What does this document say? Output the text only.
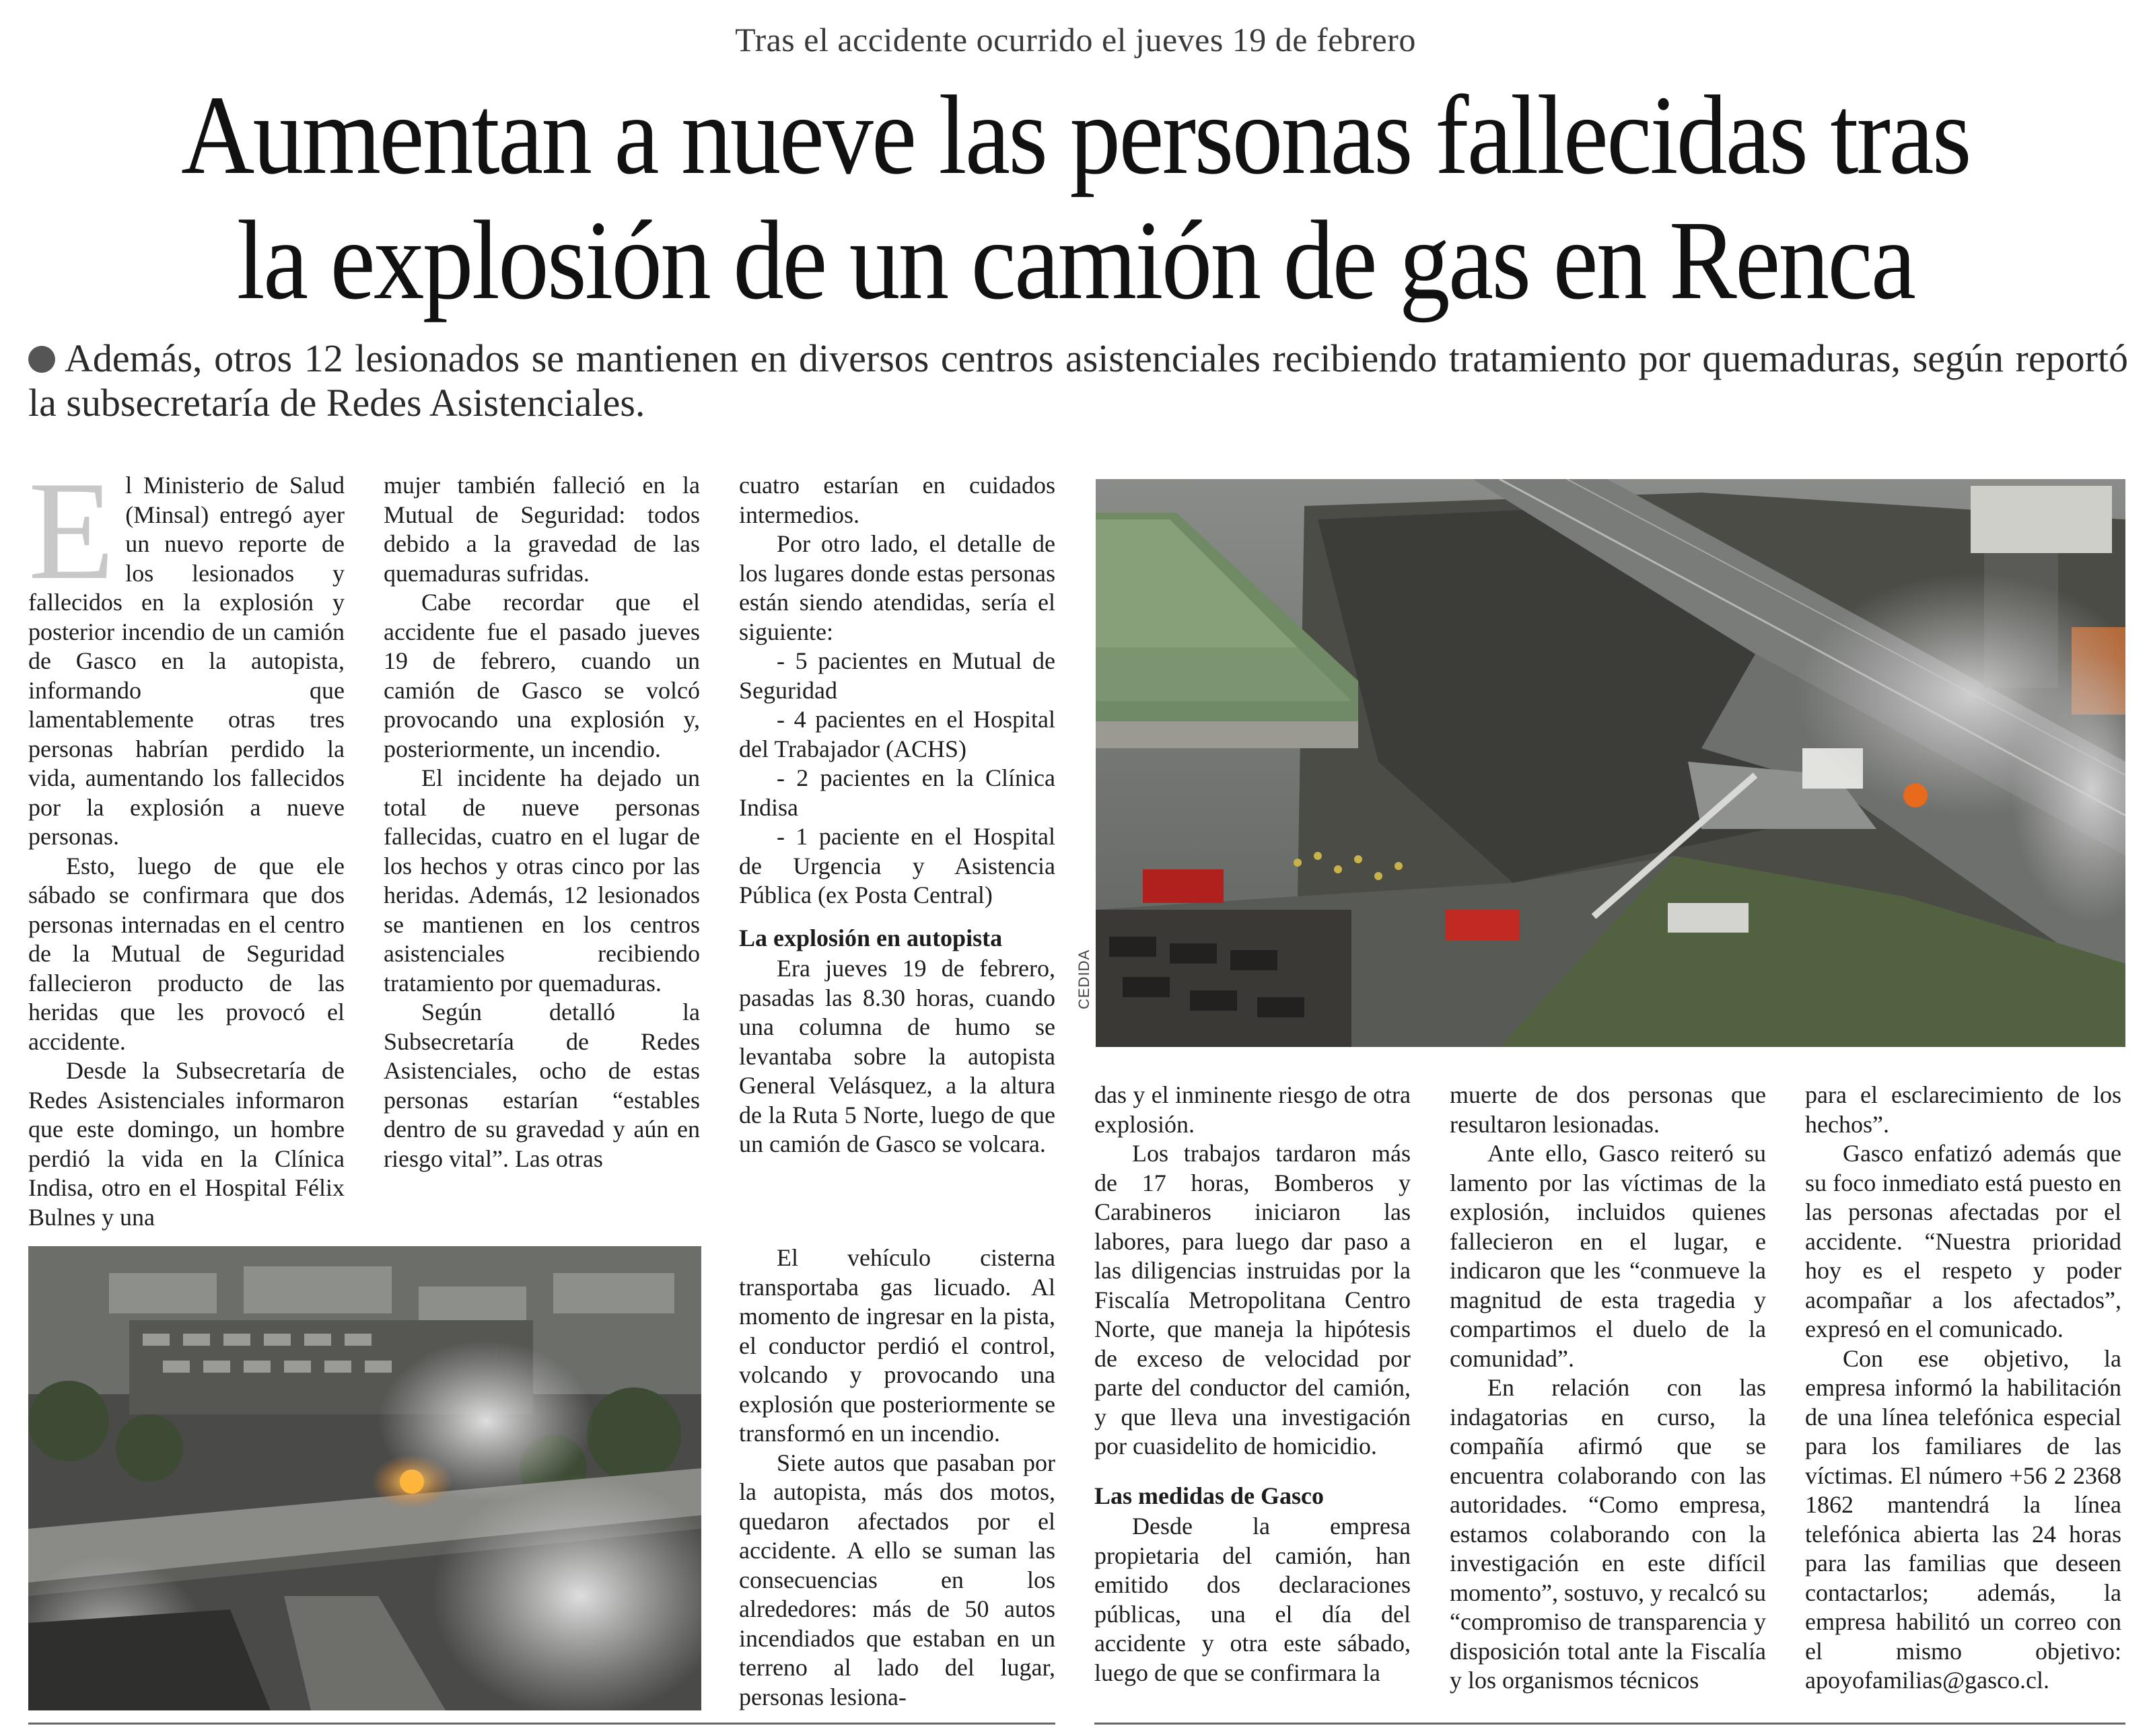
Tras el accidente ocurrido el jueves 19 de febrero
Aumentan a nueve las personas fallecidas tras
la explosión de un camión de gas en Renca
Además, otros 12 lesionados se mantienen en diversos centros asistenciales recibiendo tratamiento por quemaduras, según reportó la subsecretaría de Redes Asistenciales.

El Ministerio de Salud (Minsal) entregó ayer un nuevo reporte de los lesionados y fallecidos en la explosión y posterior incendio de un camión de Gasco en la autopista, informando que lamentablemente otras tres personas habrían perdido la vida, aumentando los fallecidos por la explosión a nueve personas.

Esto, luego de que ele sábado se confirmara que dos personas internadas en el centro de la Mutual de Seguridad fallecieron producto de las heridas que les provocó el accidente.

Desde la Subsecretaría de Redes Asistenciales informaron que este domingo, un hombre perdió la vida en la Clínica Indisa, otro en el Hospital Félix Bulnes y una

mujer también falleció en la Mutual de Seguridad: todos debido a la gravedad de las quemaduras sufridas.

Cabe recordar que el accidente fue el pasado jueves 19 de febrero, cuando un camión de Gasco se volcó provocando una explosión y, posteriormente, un incendio.

El incidente ha dejado un total de nueve personas fallecidas, cuatro en el lugar de los hechos y otras cinco por las heridas. Además, 12 lesionados se mantienen en los centros asistenciales recibiendo tratamiento por quemaduras.

Según detalló la Subsecretaría de Redes Asistenciales, ocho de estas personas estarían “estables dentro de su gravedad y aún en riesgo vital”. Las otras

cuatro estarían en cuidados intermedios.

Por otro lado, el detalle de los lugares donde estas personas están siendo atendidas, sería el siguiente:

- 5 pacientes en Mutual de Seguridad

- 4 pacientes en el Hospital del Trabajador (ACHS)

- 2 pacientes en la Clínica Indisa

- 1 paciente en el Hospital de Urgencia y Asistencia Pública (ex Posta Central)

La explosión en autopista

Era jueves 19 de febrero, pasadas las 8.30 horas, cuando una columna de humo se levantaba sobre la autopista General Velásquez, a la altura de la Ruta 5 Norte, luego de que un camión de Gasco se volcara.

El vehículo cisterna transportaba gas licuado. Al momento de ingresar en la pista, el conductor perdió el control, volcando y provocando una explosión que posteriormente se transformó en un incendio.

Siete autos que pasaban por la autopista, más dos motos, quedaron afectados por el accidente. A ello se suman las consecuencias en los alrededores: más de 50 autos incendiados que estaban en un terreno al lado del lugar, personas lesiona-

das y el inminente riesgo de otra explosión.

Los trabajos tardaron más de 17 horas, Bomberos y Carabineros iniciaron las labores, para luego dar paso a las diligencias instruidas por la Fiscalía Metropolitana Centro Norte, que maneja la hipótesis de exceso de velocidad por parte del conductor del camión, y que lleva una investigación por cuasidelito de homicidio.

Las medidas de Gasco

Desde la empresa propietaria del camión, han emitido dos declaraciones públicas, una el día del accidente y otra este sábado, luego de que se confirmara la

muerte de dos personas que resultaron lesionadas.

Ante ello, Gasco reiteró su lamento por las víctimas de la explosión, incluidos quienes fallecieron en el lugar, e indicaron que les “conmueve la magnitud de esta tragedia y compartimos el duelo de la comunidad”.

En relación con las indagatorias en curso, la compañía afirmó que se encuentra colaborando con las autoridades. “Como empresa, estamos colaborando con la investigación en este difícil momento”, sostuvo, y recalcó su “compromiso de transparencia y disposición total ante la Fiscalía y los organismos técnicos

para el esclarecimiento de los hechos”.

Gasco enfatizó además que su foco inmediato está puesto en las personas afectadas por el accidente. “Nuestra prioridad hoy es el respeto y poder acompañar a los afectados”, expresó en el comunicado.

Con ese objetivo, la empresa informó la habilitación de una línea telefónica especial para los familiares de las víctimas. El número +56 2 2368 1862 mantendrá la línea telefónica abierta las 24 horas para las familias que deseen contactarlos; además, la empresa habilitó un correo con el mismo objetivo: apoyofamilias@gasco.cl.

CEDIDA
